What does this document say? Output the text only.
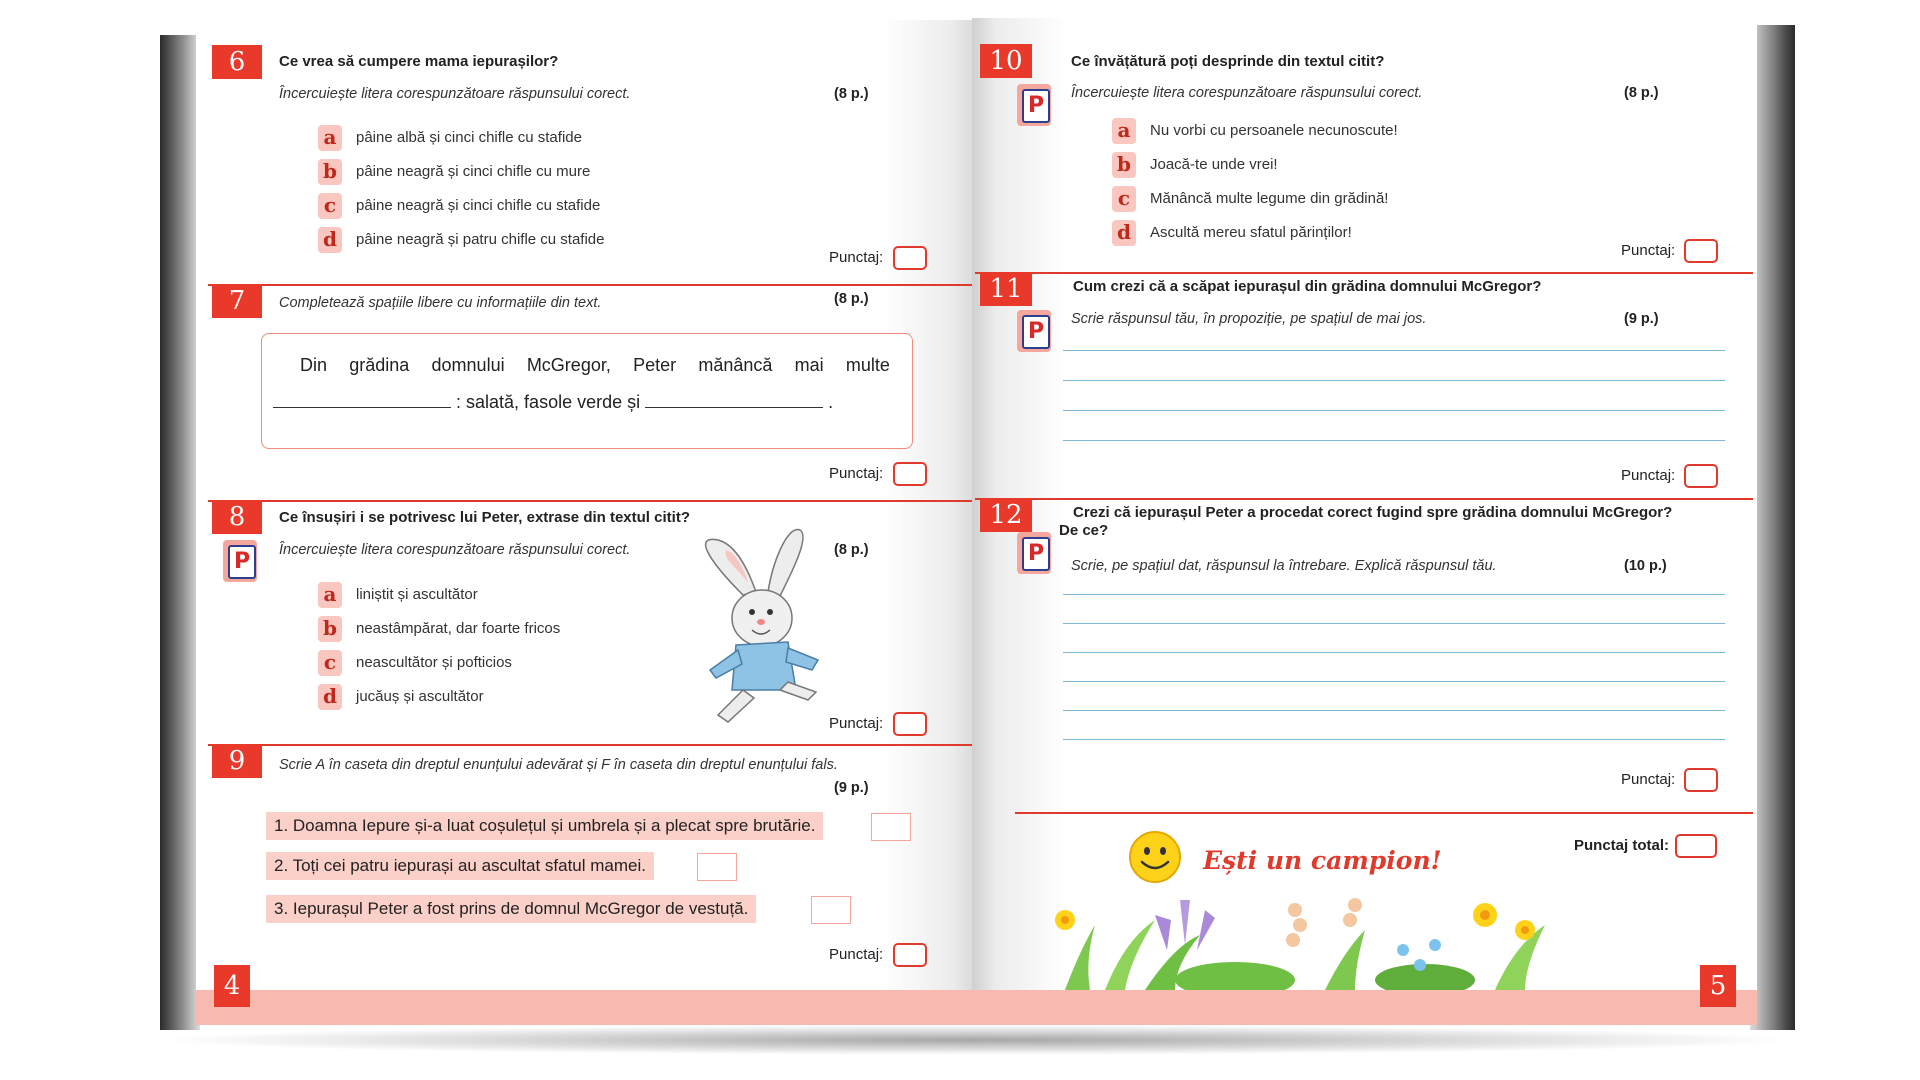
6	Ce vrea să cumpere mama iepurașilor?
Încercuiește litera corespunzătoare răspunsului corect.	(8 p.)
a	pâine albă și cinci chifle cu stafide
b	pâine neagră și cinci chifle cu mure
c	pâine neagră și cinci chifle cu stafide
d	pâine neagră și patru chifle cu stafide
Punctaj:
7	Completează spațiile libere cu informațiile din text.	(8 p.)
Din grădina domnului McGregor, Peter mănâncă mai multe
: salată, fasole verde și	.
Punctaj:
8
P
Ce însușiri i se potrivesc lui Peter, extrase din textul citit?
Încercuiește litera corespunzătoare răspunsului corect.	(8 p.)
a	liniștit și ascultător
b	neastâmpărat, dar foarte fricos
c	neascultător și pofticios
d	jucăuș și ascultător
Punctaj:
9	Scrie A în caseta din dreptul enunțului adevărat și F în caseta din dreptul enunțului fals.
(9 p.)
1. Doamna Iepure și-a luat coșulețul și umbrela și a plecat spre brutărie.
2. Toți cei patru iepurași au ascultat sfatul mamei.
3. Iepurașul Peter a fost prins de domnul McGregor de vestuță.
Punctaj:
4
10
P
Ce învățătură poți desprinde din textul citit?
Încercuiește litera corespunzătoare răspunsului corect.	(8 p.)
a	Nu vorbi cu persoanele necunoscute!
b	Joacă-te unde vrei!
c	Mănâncă multe legume din grădină!
d	Ascultă mereu sfatul părinților!
Punctaj:
11
P
Cum crezi că a scăpat iepurașul din grădina domnului McGregor?
Scrie răspunsul tău, în propoziție, pe spațiul de mai jos.	(9 p.)
Punctaj:
12
P
Crezi că iepurașul Peter a procedat corect fugind spre grădina domnului McGregor?
De ce?
Scrie, pe spațiul dat, răspunsul la întrebare. Explică răspunsul tău.	(10 p.)
Punctaj:
Ești un campion!
Punctaj total:
5
